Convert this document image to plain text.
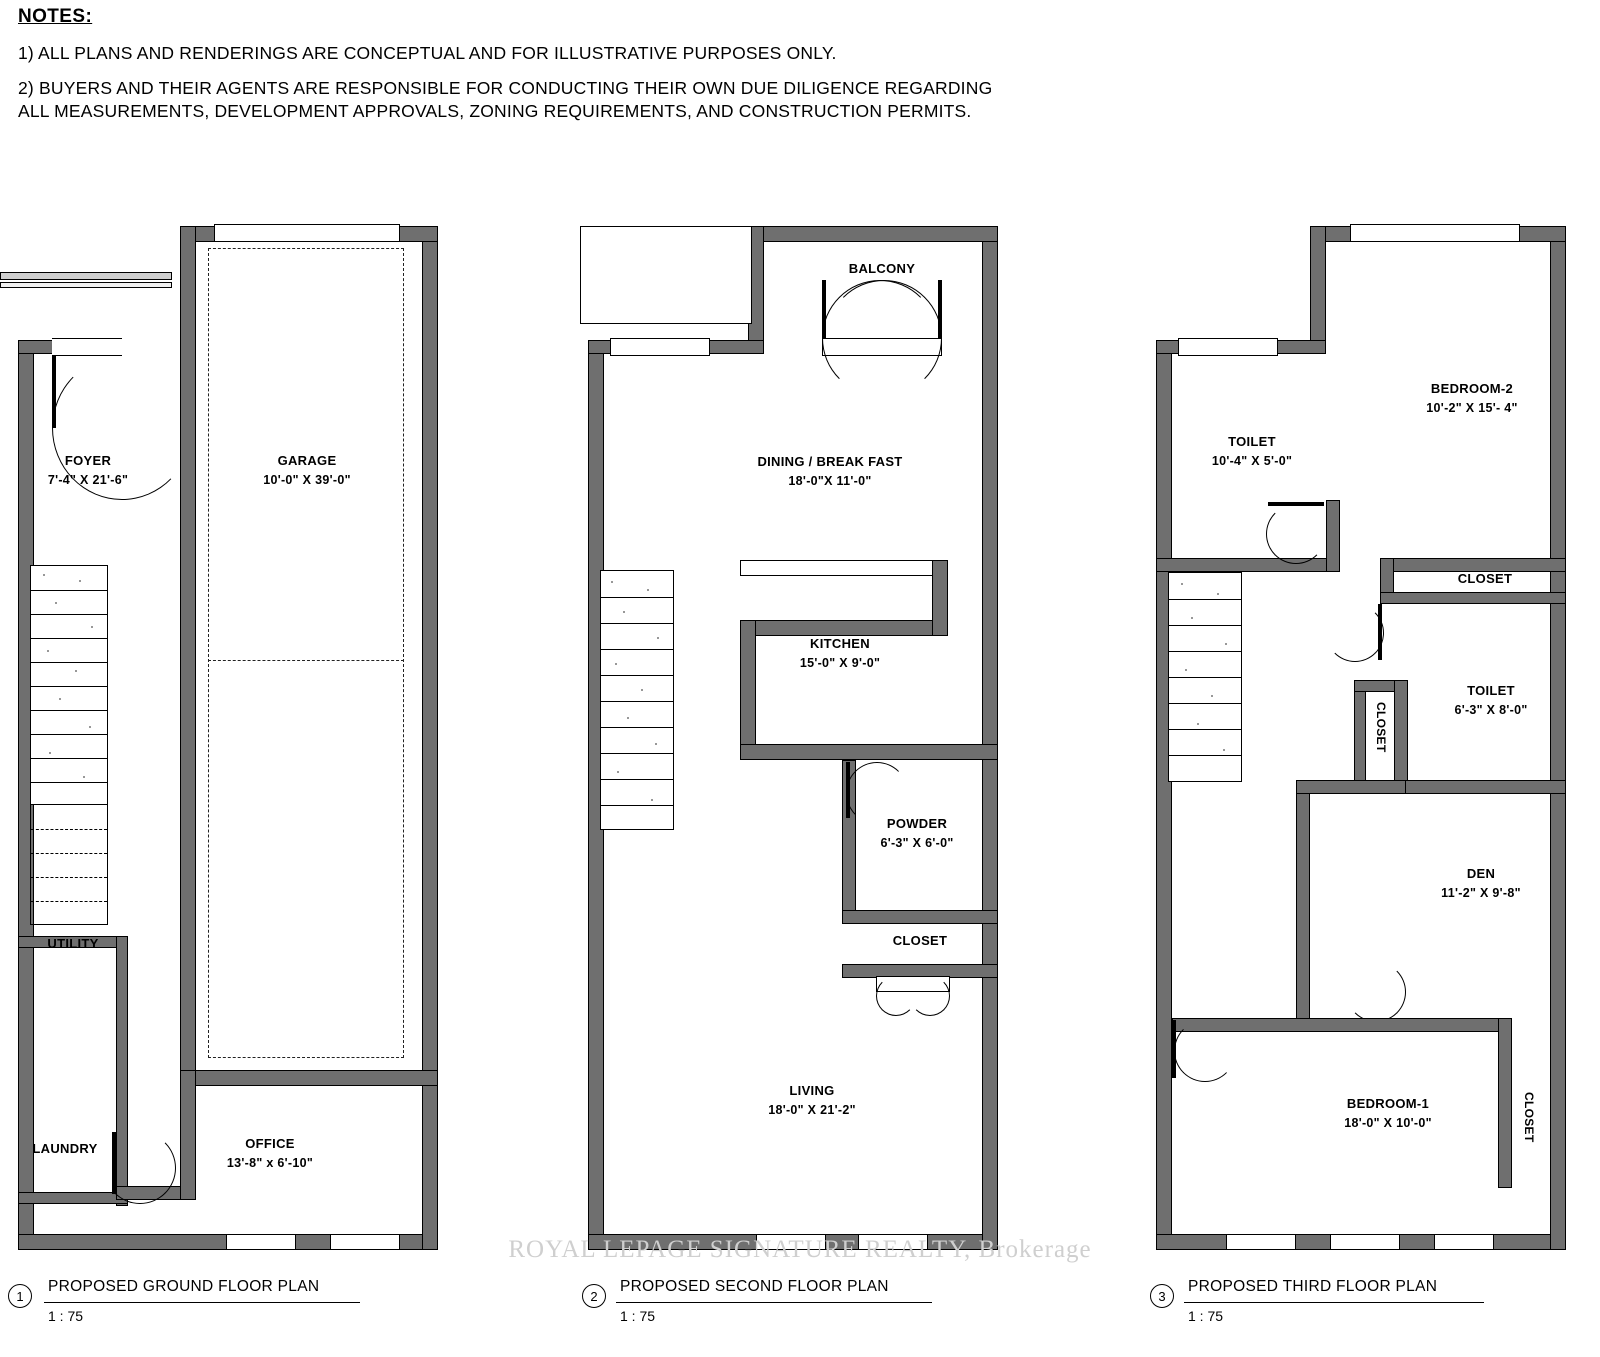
NOTES:
1) ALL PLANS AND RENDERINGS ARE CONCEPTUAL AND FOR ILLUSTRATIVE PURPOSES ONLY.
2) BUYERS AND THEIR AGENTS ARE RESPONSIBLE FOR CONDUCTING THEIR OWN DUE DILIGENCE REGARDING ALL MEASUREMENTS, DEVELOPMENT APPROVALS, ZONING REQUIREMENTS, AND CONSTRUCTION PERMITS.
FOYER
7'-4" X 21'-6"
GARAGE
10'-0" X 39'-0"
UTILITY
LAUNDRY	OFFICE
13'-8" x 6'-10"
1
PROPOSED GROUND FLOOR PLAN
1 : 75
BALCONY
DINING / BREAK FAST
18'-0"X 11'-0"
KITCHEN
15'-0" X 9'-0"
POWDER
6'-3" X 6'-0"
CLOSET
LIVING
18'-0" X 21'-2"
2
PROPOSED SECOND FLOOR PLAN
1 : 75
BEDROOM-2
10'-2" X 15'- 4"
TOILET
10'-4" X 5'-0"
CLOSET
TOILET
6'-3" X 8'-0"
CLOSET
DEN
11'-2" X 9'-8"
BEDROOM-1
18'-0" X 10'-0"	CLOSET
3
PROPOSED THIRD FLOOR PLAN
1 : 75
ROYAL LEPAGE SIGNATURE REALTY, Brokerage
